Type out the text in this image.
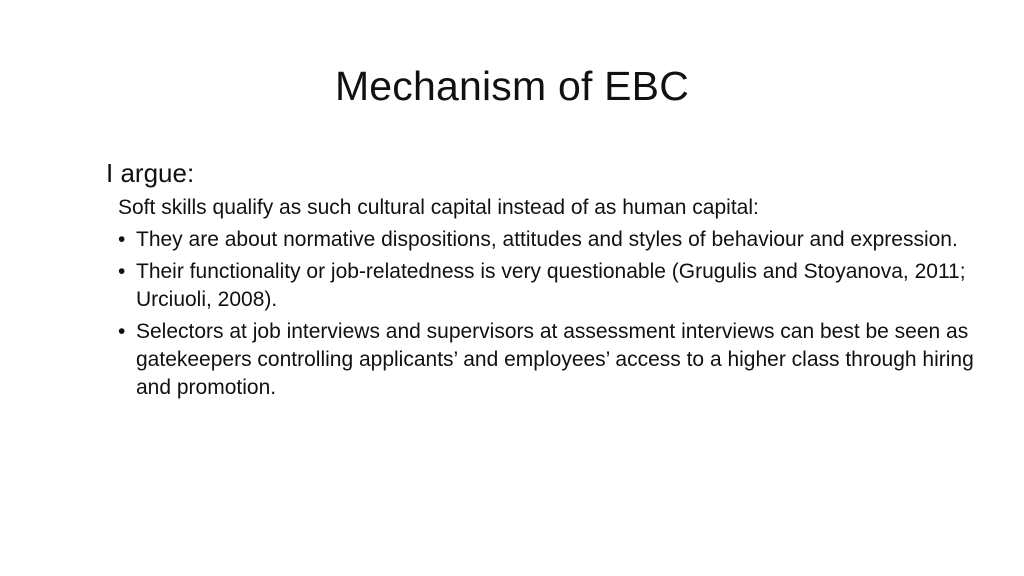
Mechanism of EBC

I argue:

Soft skills qualify as such cultural capital instead of as human capital:

• They are about normative dispositions, attitudes and styles of behaviour and expression.
• Their functionality or job-relatedness is very questionable (Grugulis and Stoyanova, 2011; Urciuoli, 2008).
• Selectors at job interviews and supervisors at assessment interviews can best be seen as gatekeepers controlling applicants’ and employees’ access to a higher class through hiring and promotion.
